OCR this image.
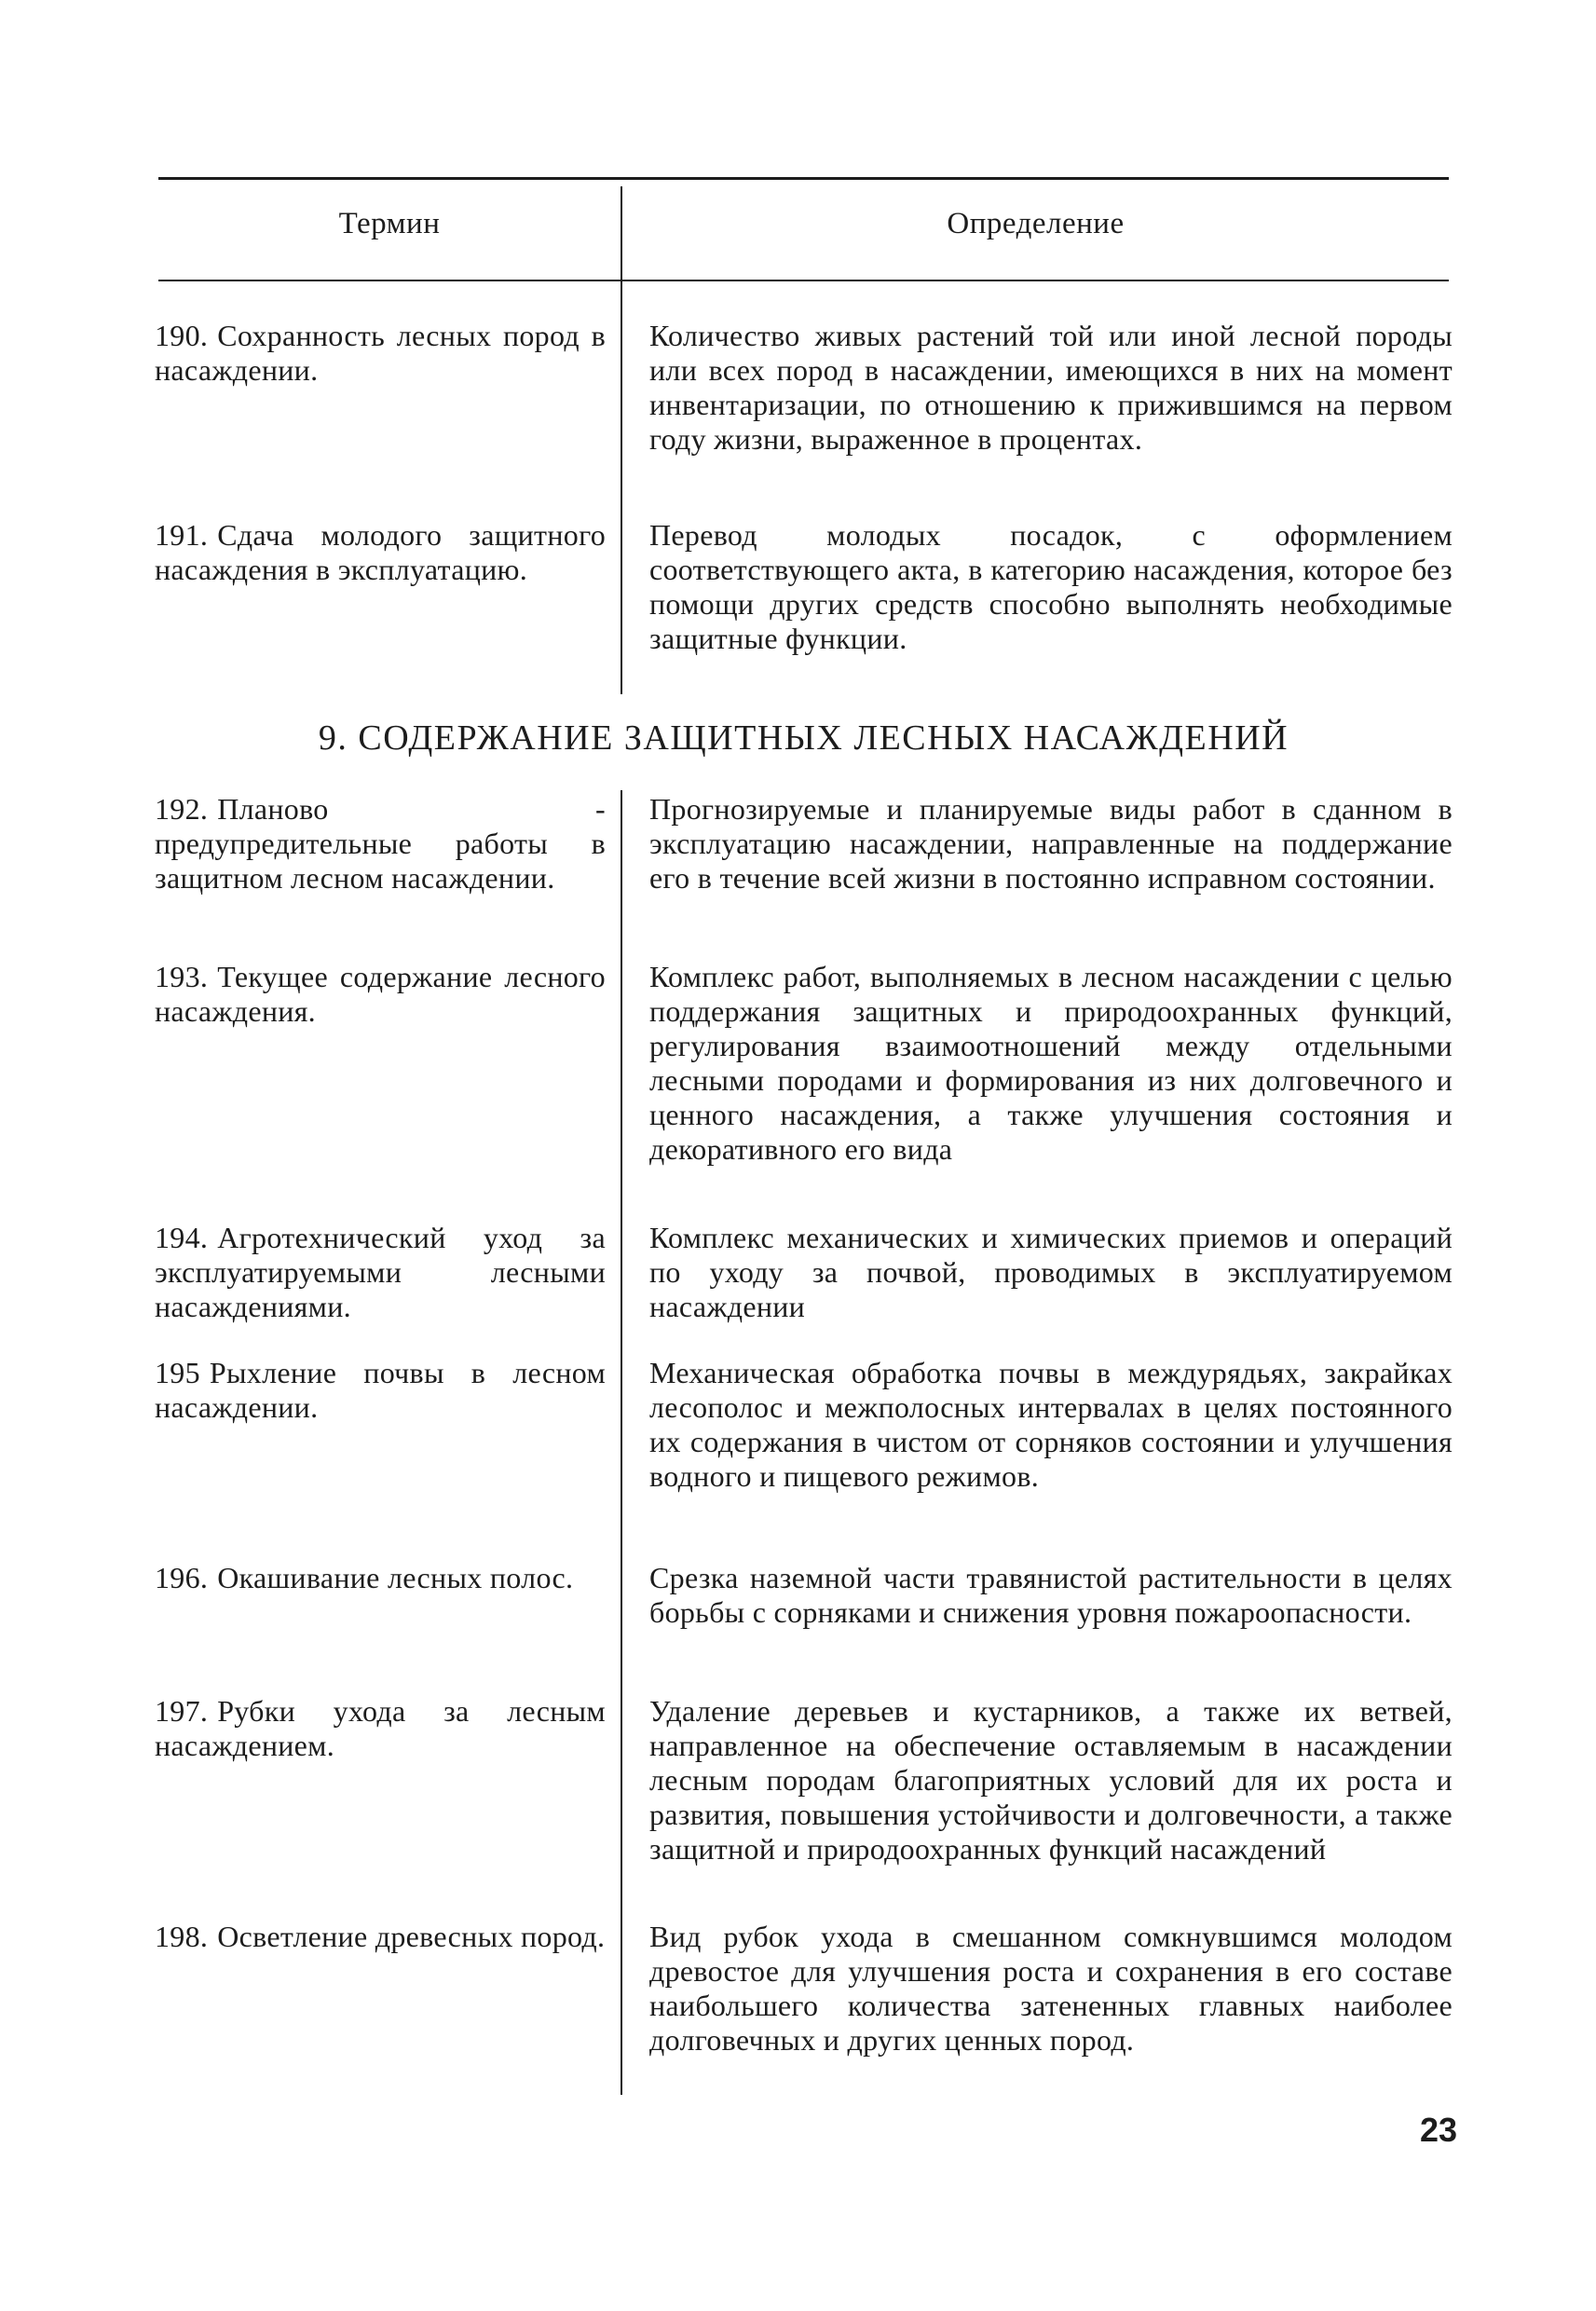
Термин	Определение
190. Сохранность лесных пород в насаждении.
Количество живых растений той или иной лесной породы или всех пород в насаждении, имеющихся в них на момент инвентаризации, по отношению к прижившимся на первом году жизни, выраженное в процентах.
191. Сдача молодого защитного насаждения в эксплуатацию.
Перевод молодых посадок, с оформлением соответствующего акта, в категорию насаждения, которое без помощи других средств способно выполнять необходимые защитные функции.
9. СОДЕРЖАНИЕ ЗАЩИТНЫХ ЛЕСНЫХ НАСАЖДЕНИЙ
192. Планово - предупредительные работы в защитном лесном насаждении.
Прогнозируемые и планируемые виды работ в сданном в эксплуатацию насаждении, направленные на поддержание его в течение всей жизни в постоянно исправном состоянии.
193. Текущее содержание лесного насаждения.
Комплекс работ, выполняемых в лесном насаждении с целью поддержания защитных и природоохранных функций, регулирования взаимоотношений между отдельными лесными породами и формирования из них долговечного и ценного насаждения, а также улучшения состояния и декоративного его вида
194. Агротехнический уход за эксплуатируемыми лесными насаждениями.
Комплекс механических и химических приемов и операций по уходу за почвой, проводимых в эксплуатируемом насаждении
195 Рыхление почвы в лесном насаждении.
Механическая обработка почвы в междурядьях, закрайках лесополос и межполосных интервалах в целях постоянного их содержания в чистом от сорняков состоянии и улучшения водного и пищевого режимов.
196. Окашивание лесных полос.	Срезка наземной части травянистой растительности в целях борьбы с сорняками и снижения уровня пожароопасности.
197. Рубки ухода за лесным насаждением.
Удаление деревьев и кустарников, а также их ветвей, направленное на обеспечение оставляемым в насаждении лесным породам благоприятных условий для их роста и развития, повышения устойчивости и долговечности, а также защитной и природоохранных функций насаждений
198. Осветление древесных пород. Вид рубок ухода в смешанном сомкнувшимся молодом древостое для улучшения роста и сохранения в его составе наибольшего количества затененных главных наиболее долговечных и других ценных пород.
23
